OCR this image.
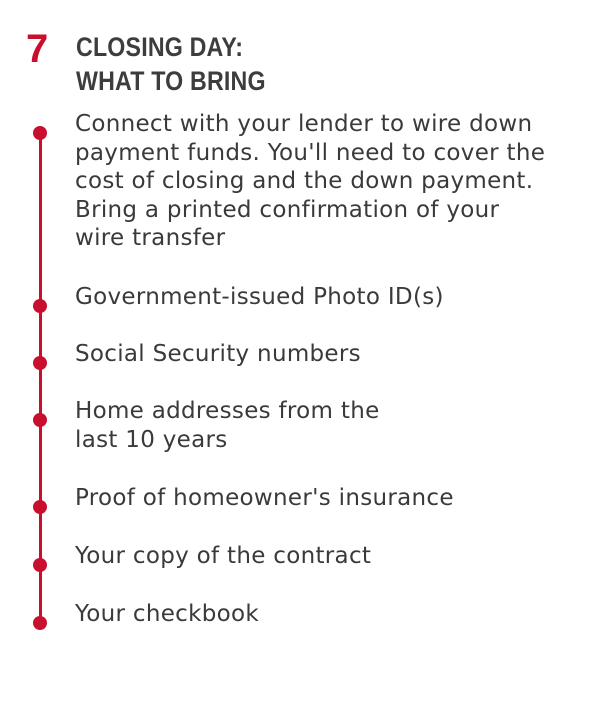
7 CLOSING DAY:
WHAT TO BRING
Connect with your lender to wire down
payment funds. You'll need to cover the
cost of closing and the down payment.
Bring a printed confirmation of your
wire transfer
Government-issued Photo ID(s)
Social Security numbers
Home addresses from the
last 10 years
Proof of homeowner's insurance
Your copy of the contract
Your checkbook
